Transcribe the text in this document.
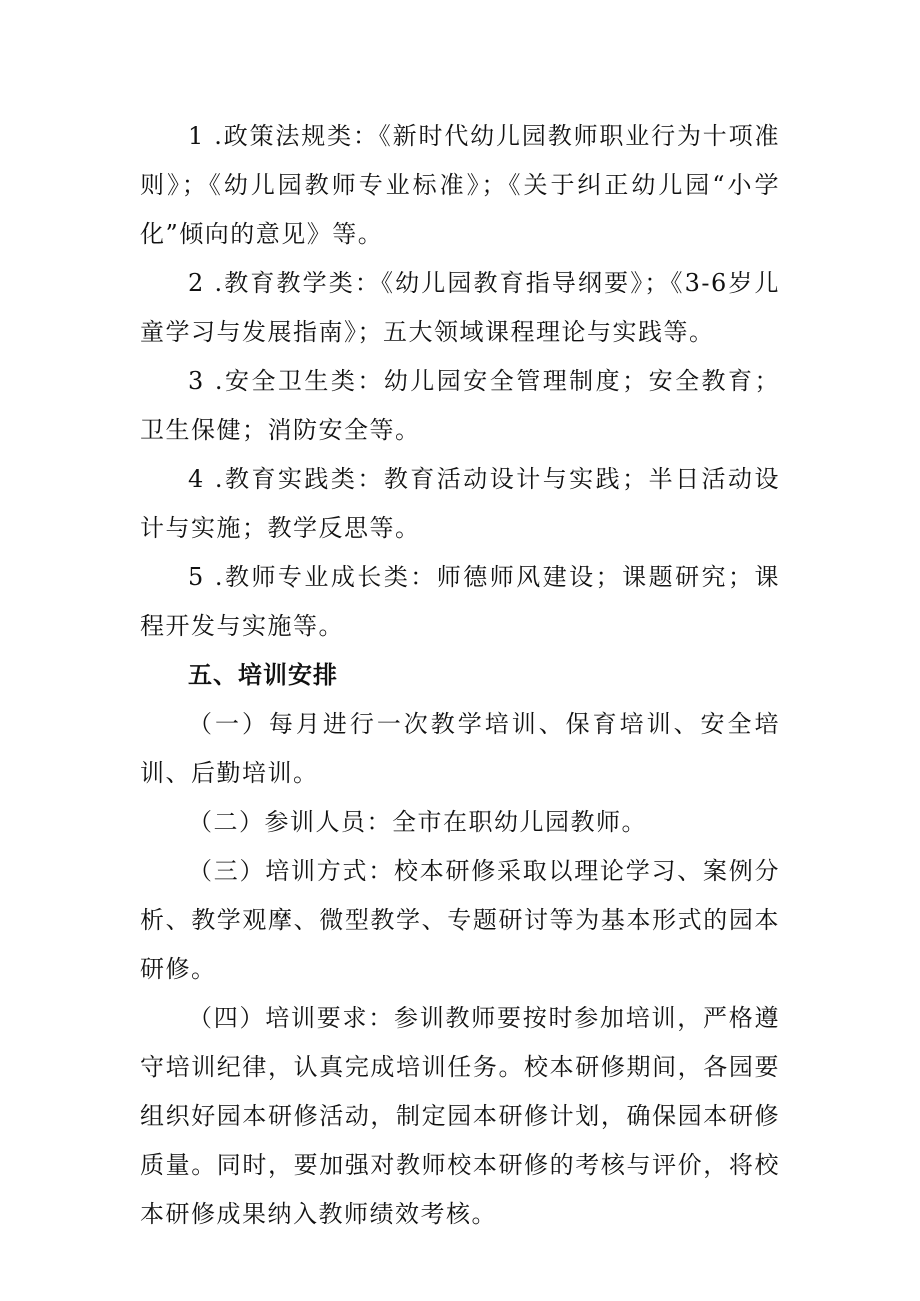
1 .政策法规类：《新时代幼儿园教师职业行为十项准则》；《幼儿园教师专业标准》；《关于纠正幼儿园“小学化”倾向的意见》等。

2 .教育教学类：《幼儿园教育指导纲要》；《3-6岁儿童学习与发展指南》；五大领域课程理论与实践等。

3 .安全卫生类：幼儿园安全管理制度；安全教育；卫生保健；消防安全等。

4 .教育实践类：教育活动设计与实践；半日活动设计与实施；教学反思等。

5 .教师专业成长类：师德师风建设；课题研究；课程开发与实施等。

五、培训安排

（一）每月进行一次教学培训、保育培训、安全培训、后勤培训。

（二）参训人员：全市在职幼儿园教师。

（三）培训方式：校本研修采取以理论学习、案例分析、教学观摩、微型教学、专题研讨等为基本形式的园本研修。

（四）培训要求：参训教师要按时参加培训，严格遵守培训纪律，认真完成培训任务。校本研修期间，各园要组织好园本研修活动，制定园本研修计划，确保园本研修质量。同时，要加强对教师校本研修的考核与评价，将校本研修成果纳入教师绩效考核。
